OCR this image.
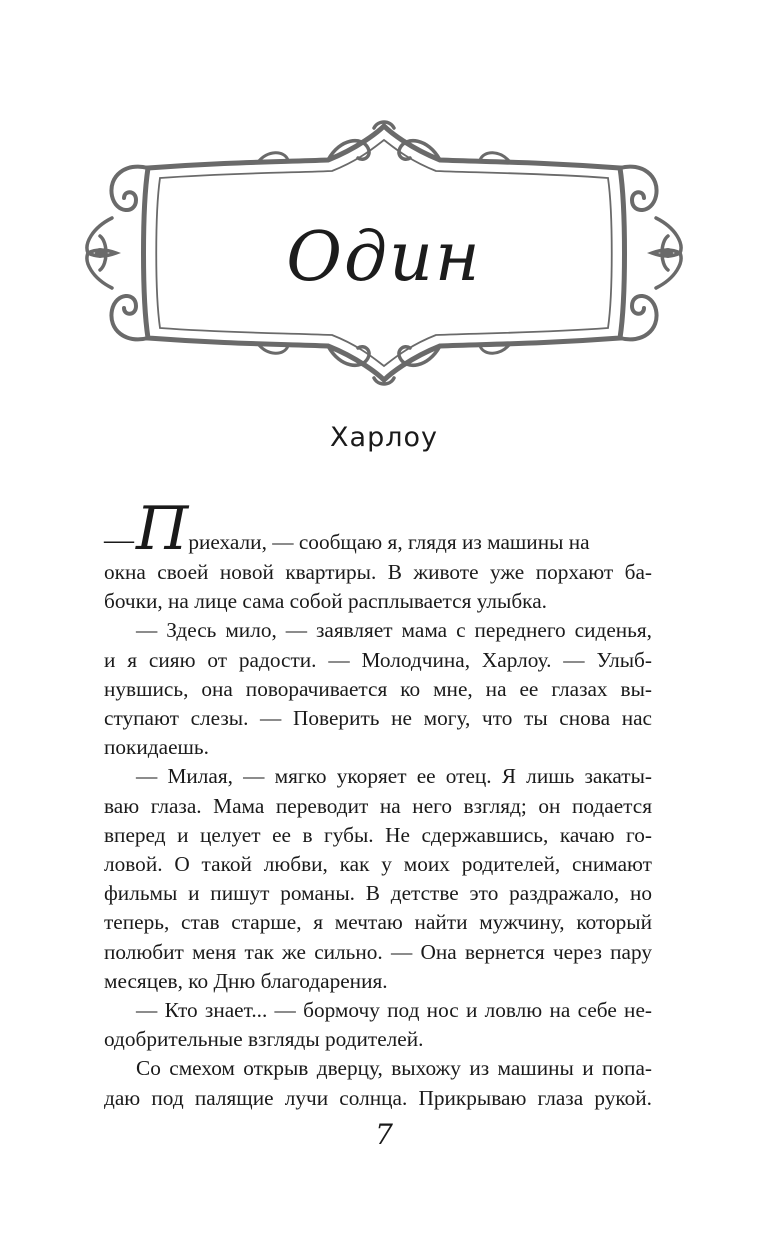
Один
Харлоу

—Приехали, — сообщаю я, глядя из машины на
окна своей новой квартиры. В животе уже порхают ба-
бочки, на лице сама собой расплывается улыбка.

— Здесь мило, — заявляет мама с переднего сиденья,
и я сияю от радости. — Молодчина, Харлоу. — Улыб-
нувшись, она поворачивается ко мне, на ее глазах вы-
ступают слезы. — Поверить не могу, что ты снова нас
покидаешь.

— Милая, — мягко укоряет ее отец. Я лишь закаты-
ваю глаза. Мама переводит на него взгляд; он подается
вперед и целует ее в губы. Не сдержавшись, качаю го-
ловой. О такой любви, как у моих родителей, снимают
фильмы и пишут романы. В детстве это раздражало, но
теперь, став старше, я мечтаю найти мужчину, который
полюбит меня так же сильно. — Она вернется через пару
месяцев, ко Дню благодарения.

— Кто знает... — бормочу под нос и ловлю на себе не-
одобрительные взгляды родителей.

Со смехом открыв дверцу, выхожу из машины и попа-
даю под палящие лучи солнца. Прикрываю глаза рукой.

7
